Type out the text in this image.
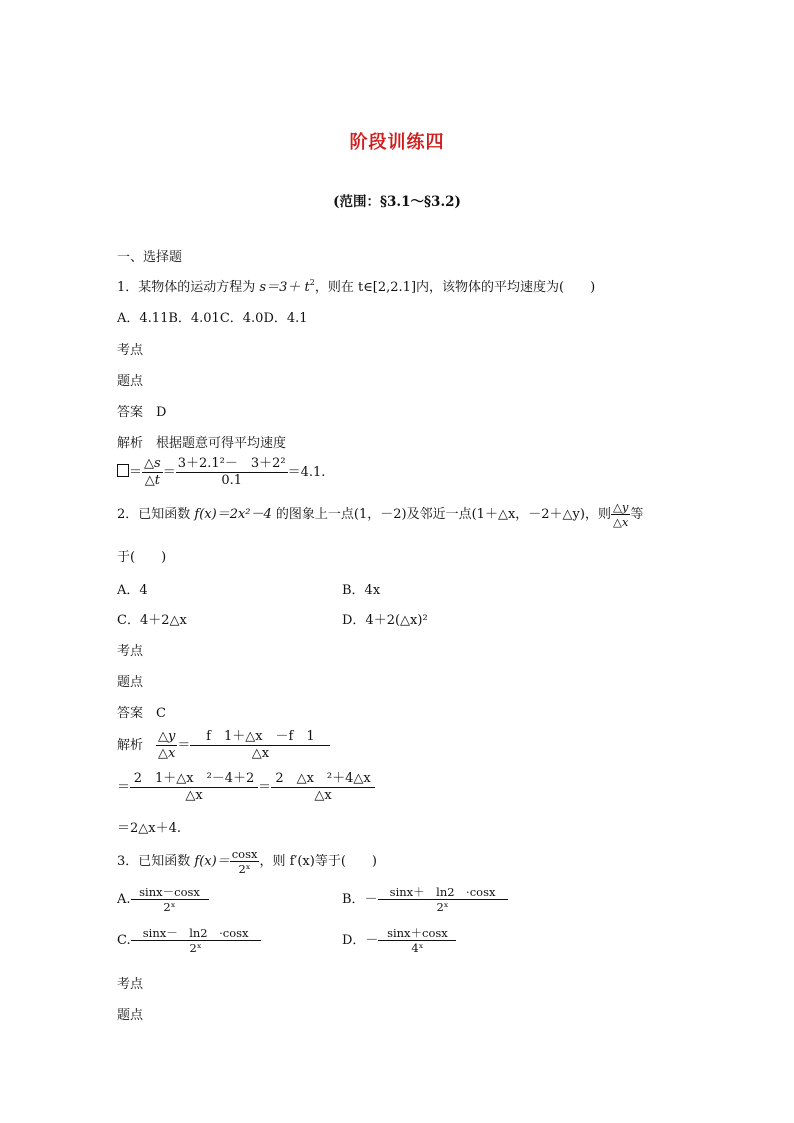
阶段训练四
(范围：§3.1～§3.2)
一、选择题
1．某物体的运动方程为 $s=3+ t^2$，则在 t∈[2,2.1]内，该物体的平均速度为(　　)
A．4.11B．4.01C．4.0D．4.1
考点
题点
答案　 D
解析　 根据题意可得平均速度
＝ $\frac{\triangle s}{\triangle t} = \frac{\text{3＋2.1²－　3＋2²}}{0.1} =4.1$.
2．已知函数 f(x)＝2x²－4 的图象上一点(1，－2)及邻近一点(1＋△x，－2＋△y)，则 $\frac{\triangle y}{\triangle x}$ 等
于(　　)
A．4	B．4x
C．4＋2△x	D．4＋2(△x)²
考点
题点
答案　 C
解析　 $\frac{\triangle y}{\triangle x} = \frac{f 1+\triangle x -f 1}{\triangle x}$
＝ $\frac{\text{2　1＋△x　²－4＋2}}{\triangle x} = \frac{\text{2　△x　²＋4△x}}{\triangle x}$
＝2△x＋4.
3．已知函数 $f(x)= \frac{\cos x}{\text{2ˣ}}$ ，则 f′(x)等于(　　)
A. $\frac{\sin x-\cos x}{\text{2ˣ}}$	B．－ $\frac{\sin x+ \ln 2 \cdot\cos x}{\text{2ˣ}}$
C. $\frac{\sin x- \ln 2 \cdot\cos x}{\text{2ˣ}}$	D．－ $\frac{\sin x+\cos x}{\text{4ˣ}}$
考点
题点
